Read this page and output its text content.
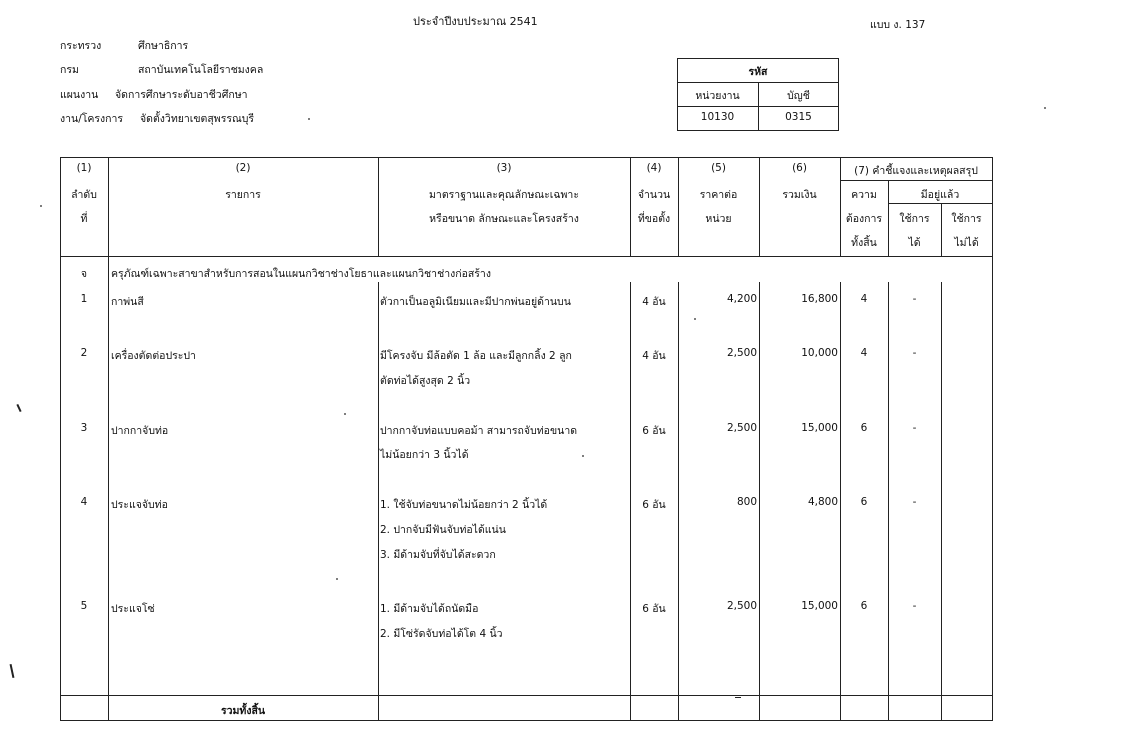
ประจำปีงบประมาณ 2541	แบบ ง. 137
กระทรวง	ศึกษาธิการ
กรม	สถาบันเทคโนโลยีราชมงคล
แผนงาน จัดการศึกษาระดับอาชีวศึกษา
งาน/โครงการ จัดตั้งวิทยาเขตสุพรรณบุรี
รหัส
หน่วยงาน	บัญชี
10130	0315
(1)
ลำดับ
ที่
(2)
รายการ
(3)
มาตราฐานและคุณลักษณะเฉพาะ
หรือขนาด ลักษณะและโครงสร้าง
(4)
จำนวน
ที่ขอตั้ง
(5)
ราคาต่อ
หน่วย
(6)
รวมเงิน
(7) คำชี้แจงและเหตุผลสรุป
ความ
ต้องการ
ทั้งสิ้น
มีอยู่แล้ว
ใช้การ
ได้
ใช้การ
ไม่ได้
จ	ครุภัณฑ์เฉพาะสาขาสำหรับการสอนในแผนกวิชาช่างโยธาและแผนกวิชาช่างก่อสร้าง
1	กาพ่นสี	ตัวกาเป็นอลูมิเนียมและมีปากพ่นอยู่ด้านบน	4 อัน	4,200	16,800	4	-
2	เครื่องตัดต่อประปา	มีโครงจับ มีล้อตัด 1 ล้อ และมีลูกกลิ้ง 2 ลูก
ตัดท่อได้สูงสุด 2 นิ้ว
4 อัน	2,500	10,000	4	-
3	ปากกาจับท่อ	ปากกาจับท่อแบบคอม้า สามารถจับท่อขนาด
ไม่น้อยกว่า 3 นิ้วได้
6 อัน	2,500	15,000	6	-
4	ประแจจับท่อ	1. ใช้จับท่อขนาดไม่น้อยกว่า 2 นิ้วได้
2. ปากจับมีฟันจับท่อได้แน่น
3. มีด้ามจับที่จับได้สะดวก
6 อัน	800	4,800	6	-
5	ประแจโซ่	1. มีด้ามจับได้ถนัดมือ
2. มีโซ่รัดจับท่อได้โต 4 นิ้ว
6 อัน	2,500	15,000	6	-
รวมทั้งสิ้น
